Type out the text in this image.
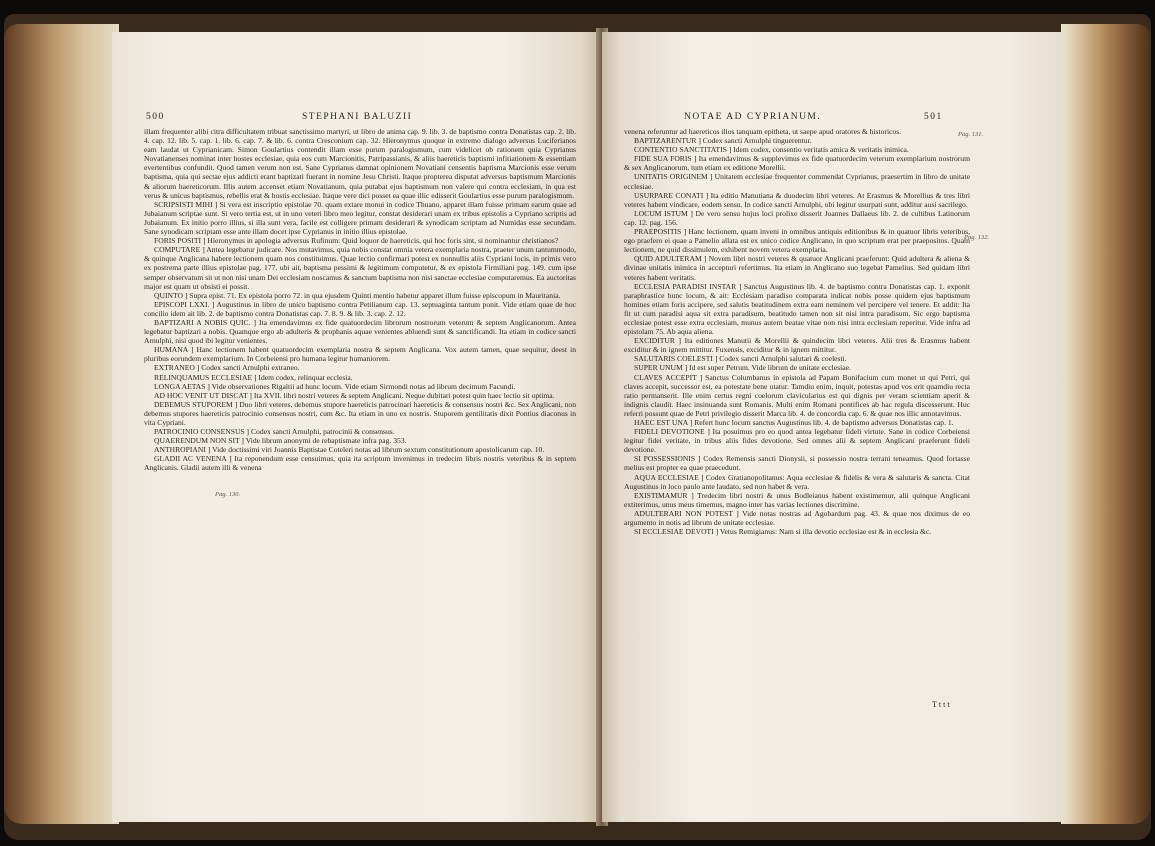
500	STEPHANI BALUZII

illam frequenter alibi citra difficultatem tribuat sanctissimo martyri, ut libro de anima cap. 9. lib. 3. de baptismo contra Donatistas cap. 2. lib. 4. cap. 12. lib. 5. cap. 1. lib. 6. cap. 7. & lib. 6. contra Cresconium cap. 32. Hieronymus quoque in extremo dialogo adversus Luciferianos eam laudat ut Cyprianicam. Simon Goulartius contendit illam esse purum paralogismum, cum videlicet ob rationem quia Cyprianus Novatianenses nominat inter hostes ecclesiae, quia eos cum Marcionitis, Patripassianis, & aliis haereticis baptismi infitiationem & essentiam evertentibus confundit. Quod tamen verum non est. Sane Cyprianus damnat opinionem Novatiani censentis baptisma Marcionis esse verum baptisma, quia qui sectae ejus addicti erant baptizati fuerant in nomine Jesu Christi. Itaque propterea disputat adversus baptismum Marcionis & aliorum haereticorum. Illis autem accenset etiam Novatianum, quia putabat ejus baptismum non valere qui contra ecclesiam, in qua est verus & unicus baptismus, rebellis erat & hostis ecclesiae. Itaque vere dici posset ea quae illic edisserit Goulartius esse purum paralogismum.

SCRIPSISTI MIHI ] Si vera est inscriptio epistolae 70. quam extare monui in codice Thuano, apparet illam fuisse primam earum quae ad Jubaianum scriptae sunt. Si vero tertia est, ut in uno veteri libro meo legitur, constat desiderari unam ex tribus epistolis a Cypriano scriptis ad Jubaianum. Ex initio porro illius, si illa sunt vera, facile est colligere primam desiderari & synodicam scriptam ad Numidas esse secundam. Sane synodicam scriptam esse ante illam docet ipse Cyprianus in initio illius epistolae.

FORIS POSITI ] Hieronymus in apologia adversus Rufinum: Quid loquor de haereticis, qui hoc foris sint, si nominantur christianos?

COMPUTARE ] Antea legebatur judicare. Nos mutavimus, quia nobis constat omnia vetera exemplaria nostra, praeter unum tantummodo, & quinque Anglicana habere lectionem quam nos constituimus. Quae lectio confirmari potest ex nonnullis aliis Cypriani locis, in primis vero ex postrema parte illius epistolae pag. 177. ubi ait, baptisma pessimi & legitimum computetur, & ex epistola Firmiliani pag. 149. cum ipse semper observatum sit ut non nisi unam Dei ecclesiam noscamus & sanctum baptisma non nisi sanctae ecclesiae computaremus. Ea auctoritas major est quam ut obsisti ei possit.

QUINTO ] Supra epist. 71. Ex epistola porro 72. in qua ejusdem Quinti mentio habetur apparet illum fuisse episcopum in Mauritania.

EPISCOPI LXXI. ] Augustinus in libro de unico baptismo contra Petilianum cap. 13. septuaginta tantum ponit. Vide etiam quae de hoc concilio idem ait lib. 2. de baptismo contra Donatistas cap. 7. 8. 9. & lib. 3. cap. 2. 12.

BAPTIZARI A NOBIS QUIC. ] Ita emendavimus ex fide quatuordecim librorum nostrorum veterum & septem Anglicanorum. Antea legebatur baptizari a nobis. Quamque ergo ab adulteris & prophanis aquae venientes abluendi sunt & sanctificandi. Ita etiam in codice sancti Arnulphi, nisi quod ibi legitur venientes.

HUMANA ] Hanc lectionem habent quatuordecim exemplaria nostra & septem Anglicana. Vox autem tamen, quae sequitur, deest in pluribus eorundem exemplarium. In Corbeiensi pro humana legitur humaniorem.

EXTRANEO ] Codex sancti Arnulphi extraneo.

RELINQUAMUS ECCLESIAE ] Idem codex, relinquat ecclesia.

LONGA AETAS ] Vide observationes Rigaltii ad hunc locum. Vide etiam Sirmondi notas ad librum decimum Facundi.

AD HOC VENIT UT DISCAT ] Ita XVII. libri nostri veteres & septem Anglicani. Neque dubitari potest quin haec lectio sit optima.

DEBEMUS STUPOREM ] Duo libri veteres, debemus stupore haereticis patrocinari haereticis & consensus nostri &c. Sex Anglicani, non debemus stupores haereticis patrocinio consensus nostri, cum &c. Ita etiam in uno ex nostris. Stuporem gentilitatis dixit Pontius diaconus in vita Cypriani.

PATROCINIO CONSENSUS ] Codex sancti Arnulphi, patrocinii & consensus.

QUAERENDUM NON SIT ] Vide librum anonymi de rebaptismate infra pag. 353.

ANTHROPIANI ] Vide doctissimi viri Joannis Baptistae Coteleri notas ad librum sextum constitutionum apostolicarum cap. 10.

GLADII AC VENENA ] Ita reponendum esse censuimus, quia ita scriptum invenimus in tredecim libris nostris veteribus & in septem Anglicanis. Gladii autem illi & venena

Pag. 130.
NOTAE AD CYPRIANUM.	501

venena referuntur ad haereticos illos tanquam epitheta, ut saepe apud oratores & historicos.

BAPTIZARENTUR ] Codex sancti Arnulphi tinguerentur.

CONTENTIO SANCTITATIS ] Idem codex, consentio veritatis amica & veritatis inimica.

FIDE SUA FORIS ] Ita emendavimus & supplevimus ex fide quatuordecim veterum exemplarium nostrorum & sex Anglicanorum, tum etiam ex editione Morellii.

UNITATIS ORIGINEM ] Unitatem ecclesiae frequenter commendat Cyprianus, praesertim in libro de unitate ecclesiae.

USURPARE CONATI ] Ita editio Manutiana & duodecim libri veteres. At Erasmus & Morellius & tres libri veteres habent vindicare, eodem sensu. In codice sancti Arnulphi, ubi legitur usurpati sunt, additur ausi sacrilego.

LOCUM ISTUM ] De vero sensu hujus loci prolixe disserit Joannes Dallaeus lib. 2. de cultibus Latinorum cap. 12. pag. 156.

PRAEPOSITIS ] Hanc lectionem, quam inveni in omnibus antiquis editionibus & in quatuor libris veteribus, ego praefero ei quae a Pamelio allata est ex unico codice Anglicano, in quo scriptum erat per praepositos. Quam lectionem, ne quid dissimulem, exhibent novem vetera exemplaria.

QUID ADULTERAM ] Novem libri nostri veteres & quatuor Anglicani praeferunt: Quid adultera & aliena & divinae unitatis inimica in accepturi refertimus. Ita etiam in Anglicano suo legebat Pamelius. Sed quidam libri veteres habent veritatis.

ECCLESIA PARADISI INSTAR ] Sanctus Augustinus lib. 4. de baptismo contra Donatistas cap. 1. exponit paraphrastice hunc locum, & ait: Ecclesiam paradiso comparata indicat nobis posse quidem ejus baptismum homines etiam foris accipere, sed salutis beatitudinem extra eam neminem vel percipere vel tenere. Et addit: Ita fit ut cum paradisi aqua sit extra paradisum, beatitudo tamen non sit nisi intra paradisum. Sic ergo baptisma ecclesiae potest esse extra ecclesiam, munus autem beatae vitae non nisi intra ecclesiam reperitur. Vide infra ad epistolam 75. Ab aqua aliena.

EXCIDITUR ] Ita editiones Manutii & Morellii & quindecim libri veteres. Alii tres & Erasmus habent exciditur & in ignem mittitur. Fuxensis, exciditur & in ignem mittitur.

SALUTARIS COELESTI ] Codex sancti Arnulphi salutari & coelesti.

SUPER UNUM ] Id est super Petrum. Vide librum de unitate ecclesiae.

CLAVES ACCEPIT ] Sanctus Columbanus in epistola ad Papam Bonifacium cum monet ut qui Petri, qui claves accepit, successor est, ea potestate bene utatur. Tamdiu enim, inquit, potestas apud vos erit quamdiu recta ratio permanserit. Ille enim certus regni coelorum clavicularius est qui dignis per veram scientiam aperit & indignis claudit. Haec insinuanda sunt Romanis. Multi enim Romani pontifices ab hac regula discesserunt. Huc referri possunt quae de Petri privilegio disserit Marca lib. 4. de concordia cap. 6. & quae nos illic annotavimus.

HAEC EST UNA ] Refert hunc locum sanctus Augustinus lib. 4. de baptismo adversus Donatistas cap. 1.

FIDELI DEVOTIONE ] Ita posuimus pro eo quod antea legebatur fideli virtute. Sane in codice Corbeiensi legitur fidei veritate, in tribus aliis fides devotione. Sed omnes alii & septem Anglicani praeferunt fideli devotione.

SI POSSESSIONIS ] Codex Remensis sancti Dionysii, si possessio nostra terrani teneamus. Quod fortasse melius est propter ea quae praecedunt.

AQUA ECCLESIAE ] Codex Gratianopolitanus: Aqua ecclesiae & fidelis & vera & salutaris & sancta. Citat Augustinus in loco paulo ante laudato, sed non habet & vera.

EXISTIMAMUR ] Tredecim libri nostri & unus Bodleianus habent existimemur, alii quinque Anglicani extiterimus, unus meus timemus, magno inter has varias lectiones discrimine.

ADULTERARI NON POTEST ] Vide notas nostras ad Agobardum pag. 43. & quae nos diximus de eo argumento in notis ad librum de unitate ecclesiae.

SI ECCLESIAE DEVOTI ] Vetus Remigianus: Nam si illa devotio ecclesiae est & in ecclesia &c.

Tttt
Pag. 131.
Pag. 132.
